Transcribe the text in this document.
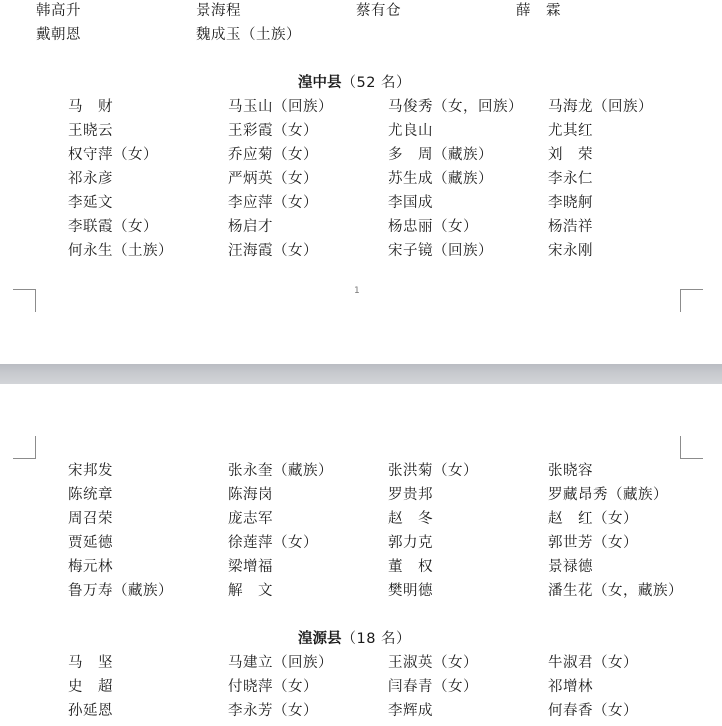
韩高升	景海程	蔡有仓	薛　霖
戴朝恩	魏成玉（土族）
湟中县（52 名）
马　财	马玉山（回族）	马俊秀（女，回族） 马海龙（回族）
王晓云	王彩霞（女）	尤良山	尤其红
权守萍（女）	乔应菊（女）	多　周（藏族）	刘　荣
祁永彦	严炳英（女）	苏生成（藏族）	李永仁
李延文	李应萍（女）	李国成	李晓舸
李联霞（女）	杨启才	杨忠丽（女）	杨浩祥
何永生（土族）	汪海霞（女）	宋子镜（回族）	宋永刚
1
宋邦发	张永奎（藏族）	张洪菊（女）	张晓容
陈统章	陈海岗	罗贵邦	罗藏昂秀（藏族）
周召荣	庞志军	赵　冬	赵　红（女）
贾延德	徐莲萍（女）	郭力克	郭世芳（女）
梅元林	梁增福	董　权	景禄德
鲁万寿（藏族）	解　文	樊明德	潘生花（女，藏族）
湟源县（18 名）
马　坚	马建立（回族）	王淑英（女）	牛淑君（女）
史　超	付晓萍（女）	闫春青（女）	祁增林
孙延恩	李永芳（女）	李辉成	何春香（女）
